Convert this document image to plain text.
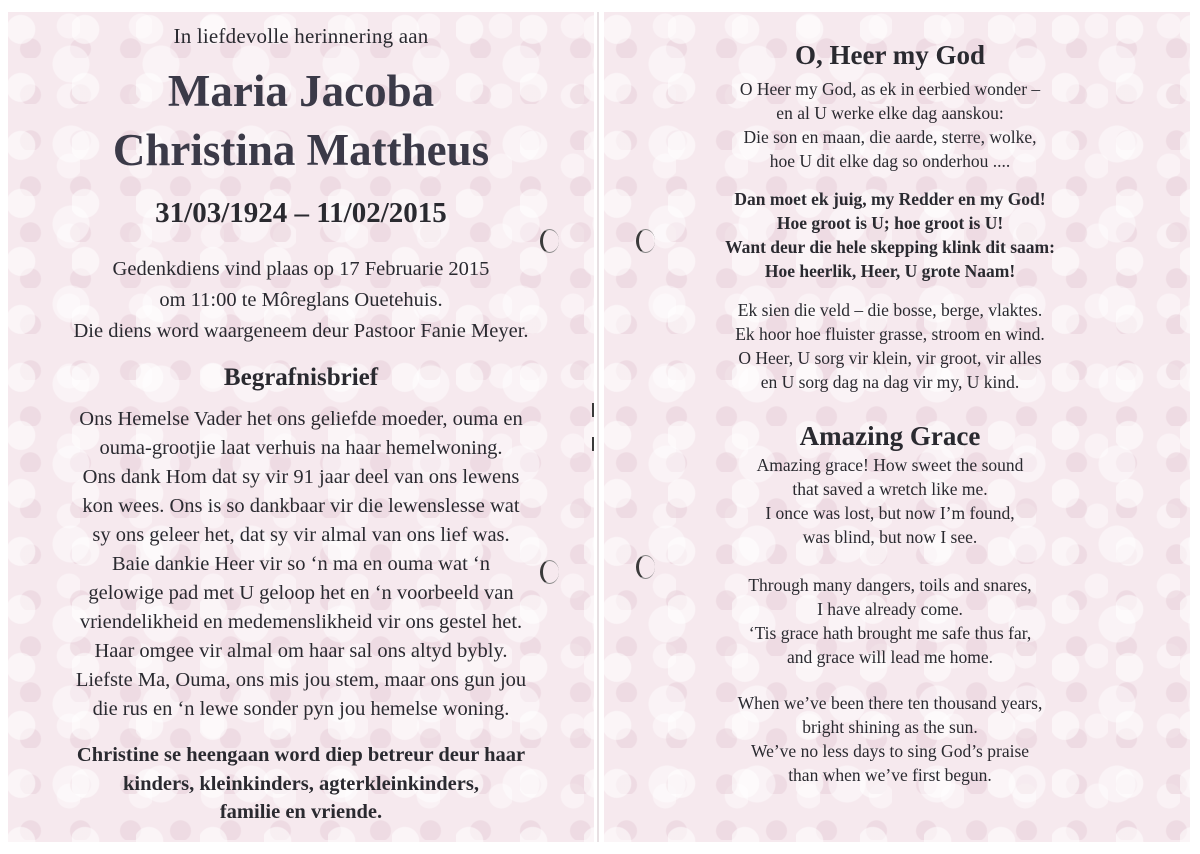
In liefdevolle herinnering aan
Maria Jacoba
Christina Mattheus
31/03/1924 – 11/02/2015
Gedenkdiens vind plaas op 17 Februarie 2015
om 11:00 te Môreglans Ouetehuis.
Die diens word waargeneem deur Pastoor Fanie Meyer.
Begrafnisbrief
Ons Hemelse Vader het ons geliefde moeder, ouma en
ouma-grootjie laat verhuis na haar hemelwoning.
Ons dank Hom dat sy vir 91 jaar deel van ons lewens
kon wees. Ons is so dankbaar vir die lewenslesse wat
sy ons geleer het, dat sy vir almal van ons lief was.
Baie dankie Heer vir so ‘n ma en ouma wat ‘n
gelowige pad met U geloop het en ‘n voorbeeld van
vriendelikheid en medemenslikheid vir ons gestel het.
Haar omgee vir almal om haar sal ons altyd bybly.
Liefste Ma, Ouma, ons mis jou stem, maar ons gun jou
die rus en ‘n lewe sonder pyn jou hemelse woning.
Christine se heengaan word diep betreur deur haar
kinders, kleinkinders, agterkleinkinders,
familie en vriende.
O, Heer my God
O Heer my God, as ek in eerbied wonder –
en al U werke elke dag aanskou:
Die son en maan, die aarde, sterre, wolke,
hoe U dit elke dag so onderhou ....
Dan moet ek juig, my Redder en my God!
Hoe groot is U; hoe groot is U!
Want deur die hele skepping klink dit saam:
Hoe heerlik, Heer, U grote Naam!
Ek sien die veld – die bosse, berge, vlaktes.
Ek hoor hoe fluister grasse, stroom en wind.
O Heer, U sorg vir klein, vir groot, vir alles
en U sorg dag na dag vir my, U kind.
Amazing Grace
Amazing grace! How sweet the sound
that saved a wretch like me.
I once was lost, but now I’m found,
was blind, but now I see.
Through many dangers, toils and snares,
I have already come.
‘Tis grace hath brought me safe thus far,
and grace will lead me home.
When we’ve been there ten thousand years,
bright shining as the sun.
We’ve no less days to sing God’s praise
than when we’ve first begun.
